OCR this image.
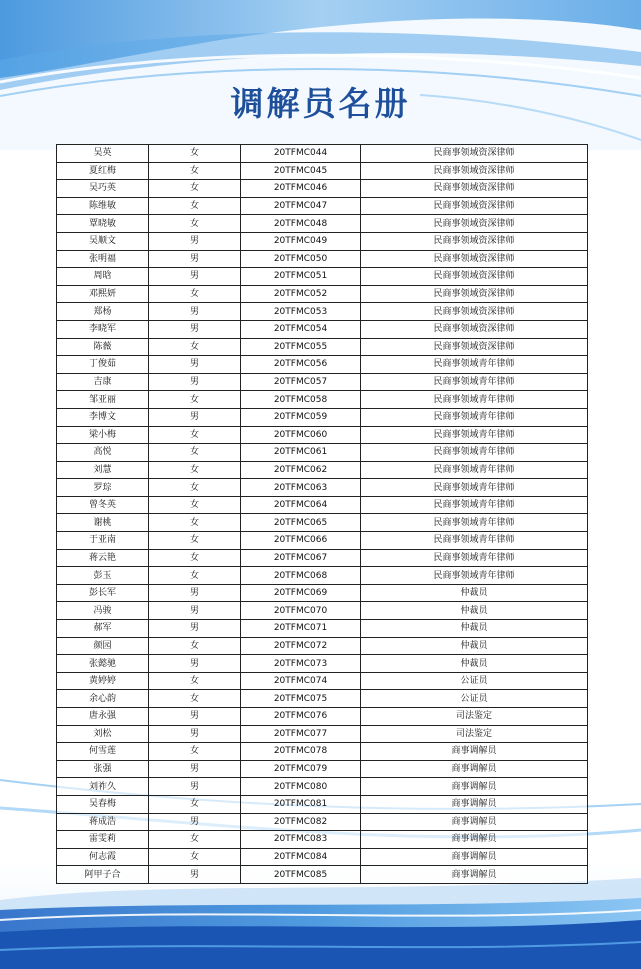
调解员名册
吴英	女	20TFMC044	民商事领域资深律师
夏红梅	女	20TFMC045	民商事领域资深律师
吴巧英	女	20TFMC046	民商事领域资深律师
陈维敏	女	20TFMC047	民商事领域资深律师
覃晓敏	女	20TFMC048	民商事领域资深律师
吴顺文	男	20TFMC049	民商事领域资深律师
张明福	男	20TFMC050	民商事领域资深律师
周晗	男	20TFMC051	民商事领域资深律师
邓熙妍	女	20TFMC052	民商事领域资深律师
郑杨	男	20TFMC053	民商事领域资深律师
李晓军	男	20TFMC054	民商事领域资深律师
陈薇	女	20TFMC055	民商事领域资深律师
丁俊茹	男	20TFMC056	民商事领域青年律师
吉康	男	20TFMC057	民商事领域青年律师
邹亚丽	女	20TFMC058	民商事领域青年律师
李博文	男	20TFMC059	民商事领域青年律师
梁小梅	女	20TFMC060	民商事领域青年律师
高悦	女	20TFMC061	民商事领域青年律师
刘慧	女	20TFMC062	民商事领域青年律师
罗琮	女	20TFMC063	民商事领域青年律师
曾冬英	女	20TFMC064	民商事领域青年律师
谢桃	女	20TFMC065	民商事领域青年律师
于亚南	女	20TFMC066	民商事领域青年律师
蒋云艳	女	20TFMC067	民商事领域青年律师
彭玉	女	20TFMC068	民商事领域青年律师
彭长军	男	20TFMC069	仲裁员
冯骏	男	20TFMC070	仲裁员
郝军	男	20TFMC071	仲裁员
颜园	女	20TFMC072	仲裁员
张懿驰	男	20TFMC073	仲裁员
黄婷婷	女	20TFMC074	公证员
余心韵	女	20TFMC075	公证员
唐永强	男	20TFMC076	司法鉴定
刘松	男	20TFMC077	司法鉴定
何雪莲	女	20TFMC078	商事调解员
张强	男	20TFMC079	商事调解员
刘祚久	男	20TFMC080	商事调解员
吴春梅	女	20TFMC081	商事调解员
蒋成浩	男	20TFMC082	商事调解员
雷雯莉	女	20TFMC083	商事调解员
何志霞	女	20TFMC084	商事调解员
阿甲子合	男	20TFMC085	商事调解员
